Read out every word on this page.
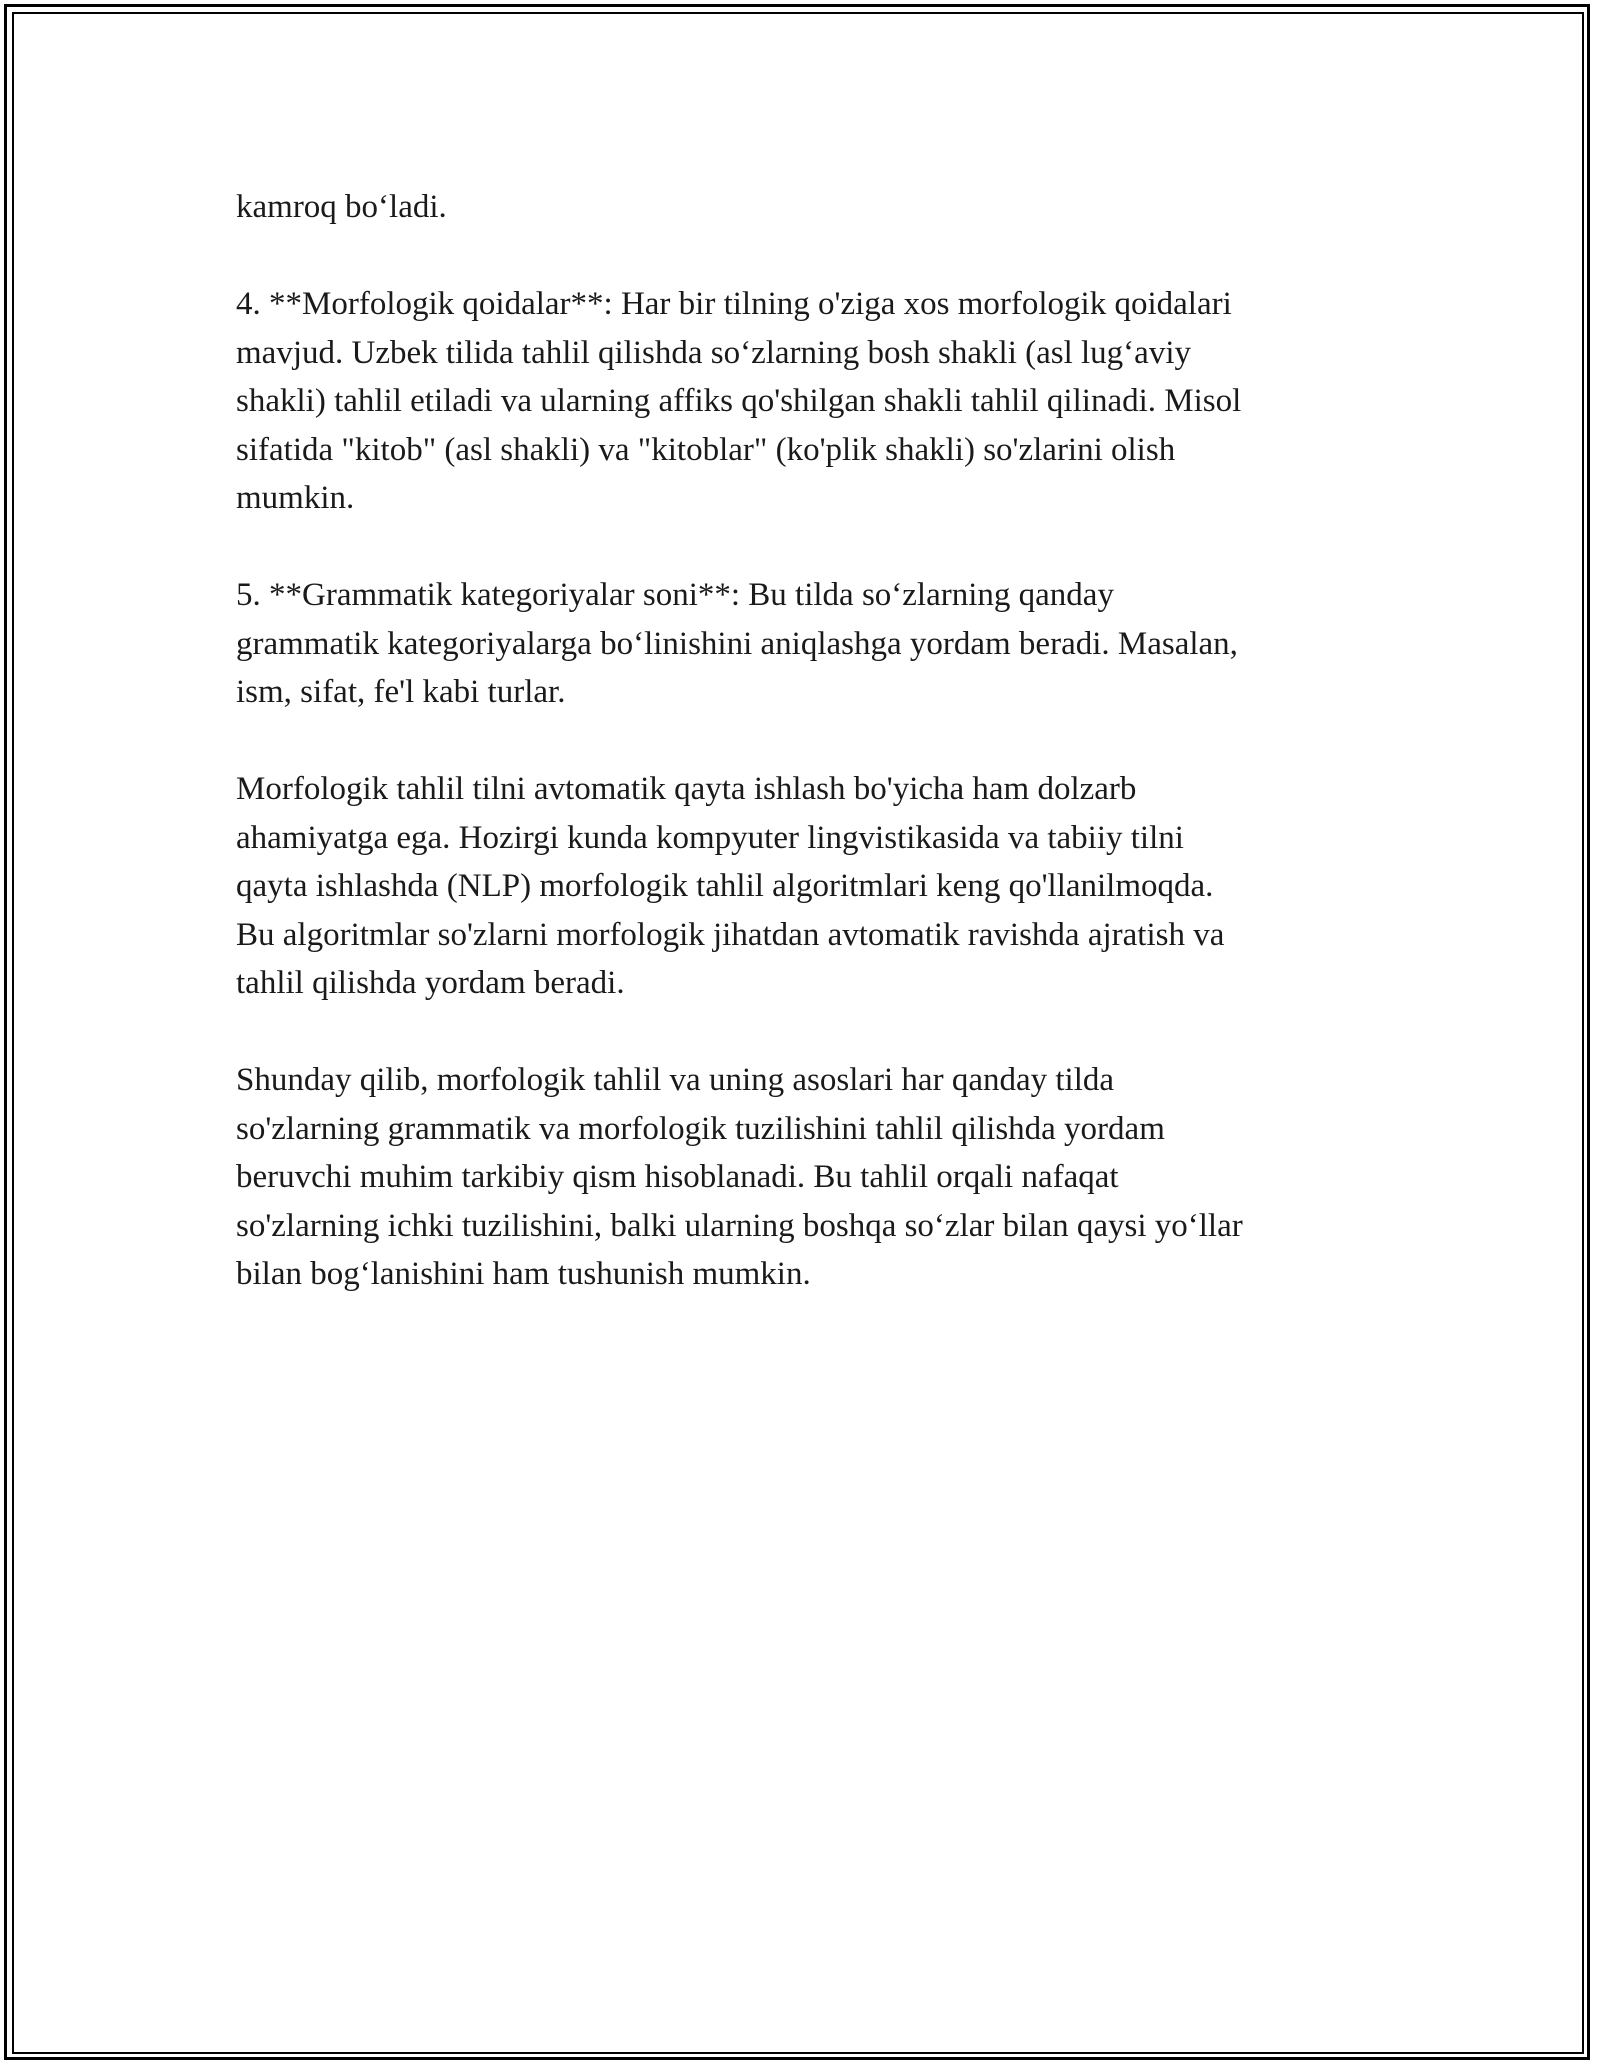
kamroq bo‘ladi.

4. **Morfologik qoidalar**: Har bir tilning o'ziga xos morfologik qoidalari
mavjud. Uzbek tilida tahlil qilishda so‘zlarning bosh shakli (asl lug‘aviy
shakli) tahlil etiladi va ularning affiks qo'shilgan shakli tahlil qilinadi. Misol
sifatida "kitob" (asl shakli) va "kitoblar" (ko'plik shakli) so'zlarini olish
mumkin.

5. **Grammatik kategoriyalar soni**: Bu tilda so‘zlarning qanday
grammatik kategoriyalarga bo‘linishini aniqlashga yordam beradi. Masalan,
ism, sifat, fe'l kabi turlar.

Morfologik tahlil tilni avtomatik qayta ishlash bo'yicha ham dolzarb
ahamiyatga ega. Hozirgi kunda kompyuter lingvistikasida va tabiiy tilni
qayta ishlashda (NLP) morfologik tahlil algoritmlari keng qo'llanilmoqda.
Bu algoritmlar so'zlarni morfologik jihatdan avtomatik ravishda ajratish va
tahlil qilishda yordam beradi.

Shunday qilib, morfologik tahlil va uning asoslari har qanday tilda
so'zlarning grammatik va morfologik tuzilishini tahlil qilishda yordam
beruvchi muhim tarkibiy qism hisoblanadi. Bu tahlil orqali nafaqat
so'zlarning ichki tuzilishini, balki ularning boshqa so‘zlar bilan qaysi yo‘llar
bilan bog‘lanishini ham tushunish mumkin.
